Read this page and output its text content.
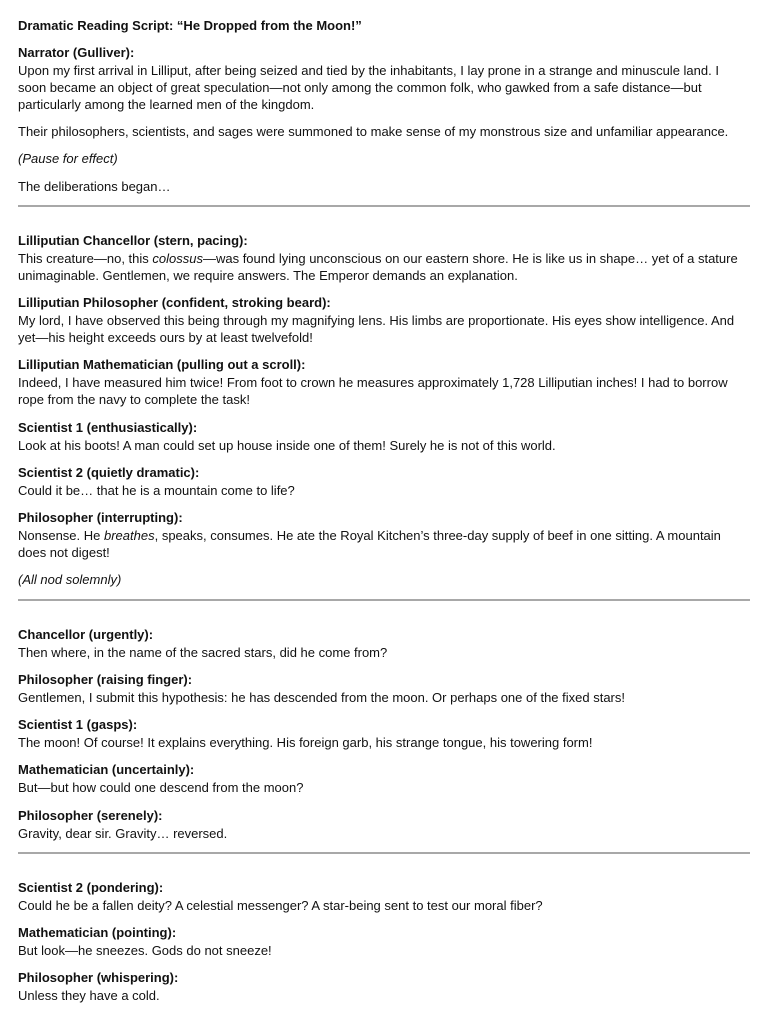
Dramatic Reading Script: “He Dropped from the Moon!”
Narrator (Gulliver):
Upon my first arrival in Lilliput, after being seized and tied by the inhabitants, I lay prone in a strange and minuscule land. I soon became an object of great speculation—not only among the common folk, who gawked from a safe distance—but particularly among the learned men of the kingdom.
Their philosophers, scientists, and sages were summoned to make sense of my monstrous size and unfamiliar appearance.
(Pause for effect)
The deliberations began…
Lilliputian Chancellor (stern, pacing):
This creature—no, this colossus—was found lying unconscious on our eastern shore. He is like us in shape… yet of a stature unimaginable. Gentlemen, we require answers. The Emperor demands an explanation.
Lilliputian Philosopher (confident, stroking beard):
My lord, I have observed this being through my magnifying lens. His limbs are proportionate. His eyes show intelligence. And yet—his height exceeds ours by at least twelvefold!
Lilliputian Mathematician (pulling out a scroll):
Indeed, I have measured him twice! From foot to crown he measures approximately 1,728 Lilliputian inches! I had to borrow rope from the navy to complete the task!
Scientist 1 (enthusiastically):
Look at his boots! A man could set up house inside one of them! Surely he is not of this world.
Scientist 2 (quietly dramatic):
Could it be… that he is a mountain come to life?
Philosopher (interrupting):
Nonsense. He breathes, speaks, consumes. He ate the Royal Kitchen’s three-day supply of beef in one sitting. A mountain does not digest!
(All nod solemnly)
Chancellor (urgently):
Then where, in the name of the sacred stars, did he come from?
Philosopher (raising finger):
Gentlemen, I submit this hypothesis: he has descended from the moon. Or perhaps one of the fixed stars!
Scientist 1 (gasps):
The moon! Of course! It explains everything. His foreign garb, his strange tongue, his towering form!
Mathematician (uncertainly):
But—but how could one descend from the moon?
Philosopher (serenely):
Gravity, dear sir. Gravity… reversed.
Scientist 2 (pondering):
Could he be a fallen deity? A celestial messenger? A star-being sent to test our moral fiber?
Mathematician (pointing):
But look—he sneezes. Gods do not sneeze!
Philosopher (whispering):
Unless they have a cold.
